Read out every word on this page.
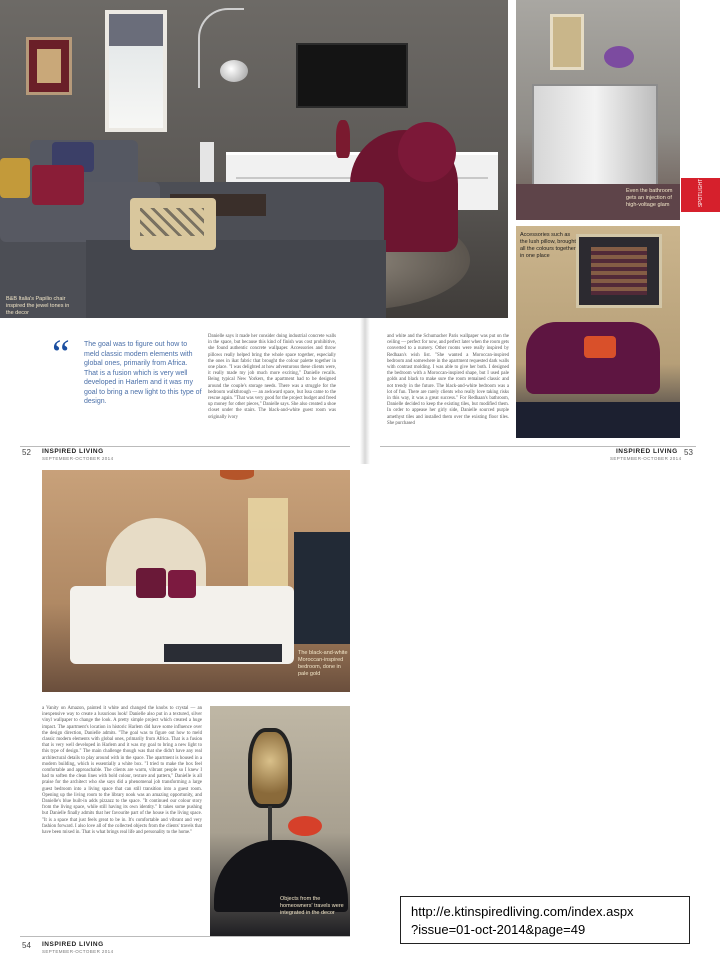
B&B Italia's Papilio chair inspired the jewel tones in the decor
Even the bathroom gets an injection of high-voltage glam	SPOTLIGHT
Accessories such as the lush pillow, brought all the colours together in one place
“ The goal was to figure out how to meld classic modern elements with global ones, primarily from Africa. That is a fusion which is very well developed in Harlem and it was my goal to bring a new light to this type of design.
Danielle says it made her consider doing industrial concrete walls in the space, but because this kind of finish was cost prohibitive, she found authentic concrete wallpaper. Accessories and throw pillows really helped bring the whole space together, especially the ones in ikat fabric that brought the colour palette together in one place. "I was delighted at how adventurous these clients were, it really made my job much more exciting," Danielle recalls. Being typical New Yorkers, the apartment had to be designed around the couple's storage needs. There was a struggle for the bedroom walkthrough — an awkward space, but Issa came to the rescue again. "That was very good for the project budget and freed up money for other pieces," Danielle says. She also created a shoe closet under the stairs. The black-and-white guest room was originally ivory
and white and the Schumacher Paris wallpaper was put on the ceiling — perfect for now, and perfect later when the room gets converted to a nursery. Other rooms were really inspired by Redhaan's wish list. "She wanted a Moroccan-inspired bedroom and somewhere in the apartment requested dark walls with contrast molding. I was able to give her both. I designed the bedroom with a Moroccan-inspired shape, but I used pale golds and black to make sure the room remained classic and not trendy in the future. The black-and-white bedroom was a lot of fun. There are rarely clients who really love taking risks in this way, it was a great success." For Redhaan's bathroom, Danielle decided to keep the existing tiles, but modified them. In order to appease her girly side, Danielle sourced purple amethyst tiles and installed them over the existing floor tiles. She purchased
52 INSPIRED LIVING
SEPTEMBER-OCTOBER 2014
INSPIRED LIVING
SEPTEMBER-OCTOBER 2014
53
The black-and-white Moroccan-inspired bedroom, done in pale gold
a Vanity on Amazon, painted it white and changed the knobs to crystal — an inexpensive way to create a luxurious look! Danielle also put in a textured, silver vinyl wallpaper to change the look. A pretty simple project which created a huge impact. The apartment's location in historic Harlem did have some influence over the design direction, Danielle admits. "The goal was to figure out how to meld classic modern elements with global ones, primarily from Africa. That is a fusion that is very well developed in Harlem and it was my goal to bring a new light to this type of design." The main challenge though was that she didn't have any real architectural details to play around with in the space. The apartment is housed in a modern building, which is essentially a white box. "I tried to make the box feel comfortable and approachable. The clients are warm, vibrant people so I knew I had to soften the clean lines with bold colour, texture and pattern," Danielle is all praise for the architect who she says did a phenomenal job transforming a large guest bedroom into a living space that can still transition into a guest room. Opening up the living room to the library nook was an amazing opportunity, and Danielle's blue built-in adds pizzazz to the space. "It continued our colour story from the living space, while still having its own identity." It takes some pushing but Danielle finally admits that her favourite part of the house is the living space. "It is a space that just feels great to be in. It's comfortable and vibrant and very fashion forward. I also love all of the collected objects from the clients' travels that have been mixed in. That is what brings real life and personality to the home."
Objects from the homeowners' travels were integrated in the decor
54 INSPIRED LIVING
SEPTEMBER-OCTOBER 2014
http://e.ktinspiredliving.com/index.aspx
?issue=01-oct-2014&page=49
